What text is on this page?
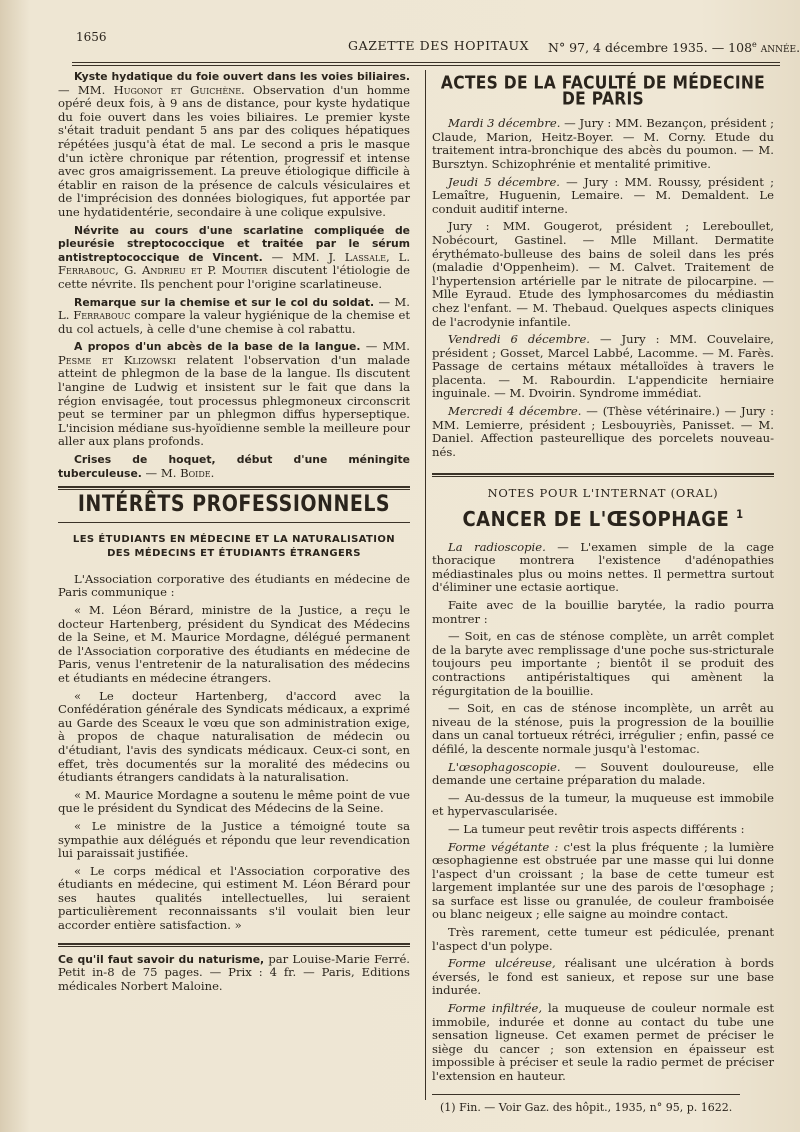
1656
GAZETTE DES HOPITAUX N° 97, 4 décembre 1935. — 108e année.

Kyste hydatique du foie ouvert dans les voies biliaires. — MM. Hugonot et Guichène. Observation d'un homme opéré deux fois, à 9 ans de distance, pour kyste hydatique du foie ouvert dans les voies biliaires. Le premier kyste s'était traduit pendant 5 ans par des coliques hépatiques répétées jusqu'à état de mal. Le second a pris le masque d'un ictère chronique par rétention, progressif et intense avec gros amaigrissement. La preuve étiologique difficile à établir en raison de la présence de calculs vésiculaires et de l'imprécision des données biologiques, fut apportée par une hydatidentérie, secondaire à une colique expulsive.

Névrite au cours d'une scarlatine compliquée de pleurésie streptococcique et traitée par le sérum antistreptococcique de Vincent. — MM. J. Lassale, L. Ferrabouc, G. Andrieu et P. Moutier discutent l'étiologie de cette névrite. Ils penchent pour l'origine scarlatineuse.

Remarque sur la chemise et sur le col du soldat. — M. L. Ferrabouc compare la valeur hygiénique de la chemise et du col actuels, à celle d'une chemise à col rabattu.

A propos d'un abcès de la base de la langue. — MM. Pesme et Klizowski relatent l'observation d'un malade atteint de phlegmon de la base de la langue. Ils discutent l'angine de Ludwig et insistent sur le fait que dans la région envisagée, tout processus phlegmoneux circonscrit peut se terminer par un phlegmon diffus hyperseptique. L'incision médiane sus-hyoïdienne semble la meilleure pour aller aux plans profonds.

Crises de hoquet, début d'une méningite tuberculeuse. — M. Boide.

INTÉRÊTS PROFESSIONNELS
LES ÉTUDIANTS EN MÉDECINE ET LA NATURALISATION
DES MÉDECINS ET ÉTUDIANTS ÉTRANGERS

L'Association corporative des étudiants en médecine de Paris communique :

« M. Léon Bérard, ministre de la Justice, a reçu le docteur Hartenberg, président du Syndicat des Médecins de la Seine, et M. Maurice Mordagne, délégué permanent de l'Association corporative des étudiants en médecine de Paris, venus l'entretenir de la naturalisation des médecins et étudiants en médecine étrangers.

« Le docteur Hartenberg, d'accord avec la Confédération générale des Syndicats médicaux, a exprimé au Garde des Sceaux le vœu que son administration exige, à propos de chaque naturalisation de médecin ou d'étudiant, l'avis des syndicats médicaux. Ceux-ci sont, en effet, très documentés sur la moralité des médecins ou étudiants étrangers candidats à la naturalisation.

« M. Maurice Mordagne a soutenu le même point de vue que le président du Syndicat des Médecins de la Seine.

« Le ministre de la Justice a témoigné toute sa sympathie aux délégués et répondu que leur revendication lui paraissait justifiée.

« Le corps médical et l'Association corporative des étudiants en médecine, qui estiment M. Léon Bérard pour ses hautes qualités intellectuelles, lui seraient particulièrement reconnaissants s'il voulait bien leur accorder entière satisfaction. »

Ce qu'il faut savoir du naturisme, par Louise-Marie Ferré. Petit in-8 de 75 pages. — Prix : 4 fr. — Paris, Editions médicales Norbert Maloine.

ACTES DE LA FACULTÉ DE MÉDECINE DE PARIS

Mardi 3 décembre. — Jury : MM. Bezançon, président ; Claude, Marion, Heitz-Boyer. — M. Corny. Etude du traitement intra-bronchique des abcès du poumon. — M. Bursztyn. Schizophrénie et mentalité primitive.

Jeudi 5 décembre. — Jury : MM. Roussy, président ; Lemaître, Huguenin, Lemaire. — M. Demaldent. Le conduit auditif interne.

Jury : MM. Gougerot, président ; Lereboullet, Nobécourt, Gastinel. — Mlle Millant. Dermatite érythémato-bulleuse des bains de soleil dans les prés (maladie d'Oppenheim). — M. Calvet. Traitement de l'hypertension artérielle par le nitrate de pilocarpine. — Mlle Eyraud. Etude des lymphosarcomes du médiastin chez l'enfant. — M. Thebaud. Quelques aspects cliniques de l'acrodynie infantile.

Vendredi 6 décembre. — Jury : MM. Couvelaire, président ; Gosset, Marcel Labbé, Lacomme. — M. Farès. Passage de certains métaux métalloïdes à travers le placenta. — M. Rabourdin. L'appendicite herniaire inguinale. — M. Dvoirin. Syndrome immédiat.

Mercredi 4 décembre. — (Thèse vétérinaire.) — Jury : MM. Lemierre, président ; Lesbouyriès, Panisset. — M. Daniel. Affection pasteurellique des porcelets nouveau-nés.

NOTES POUR L'INTERNAT (ORAL)
CANCER DE L'ŒSOPHAGE $^1$

La radioscopie. — L'examen simple de la cage thoracique montrera l'existence d'adénopathies médiastinales plus ou moins nettes. Il permettra surtout d'éliminer une ectasie aortique.

Faite avec de la bouillie barytée, la radio pourra montrer :

— Soit, en cas de sténose complète, un arrêt complet de la baryte avec remplissage d'une poche sus-stricturale toujours peu importante ; bientôt il se produit des contractions antipéristaltiques qui amènent la régurgitation de la bouillie.

— Soit, en cas de sténose incomplète, un arrêt au niveau de la sténose, puis la progression de la bouillie dans un canal tortueux rétréci, irrégulier ; enfin, passé ce défilé, la descente normale jusqu'à l'estomac.

L'œsophagoscopie. — Souvent douloureuse, elle demande une certaine préparation du malade.

— Au-dessus de la tumeur, la muqueuse est immobile et hypervascularisée.

— La tumeur peut revêtir trois aspects différents :

Forme végétante : c'est la plus fréquente ; la lumière œsophagienne est obstruée par une masse qui lui donne l'aspect d'un croissant ; la base de cette tumeur est largement implantée sur une des parois de l'œsophage ; sa surface est lisse ou granulée, de couleur framboisée ou blanc neigeux ; elle saigne au moindre contact.

Très rarement, cette tumeur est pédiculée, prenant l'aspect d'un polype.

Forme ulcéreuse, réalisant une ulcération à bords éversés, le fond est sanieux, et repose sur une base indurée.

Forme infiltrée, la muqueuse de couleur normale est immobile, indurée et donne au contact du tube une sensation ligneuse. Cet examen permet de préciser le siège du cancer ; son extension en épaisseur est impossible à préciser et seule la radio permet de préciser l'extension en hauteur.

(1) Fin. — Voir Gaz. des hôpit., 1935, n° 95, p. 1622.
